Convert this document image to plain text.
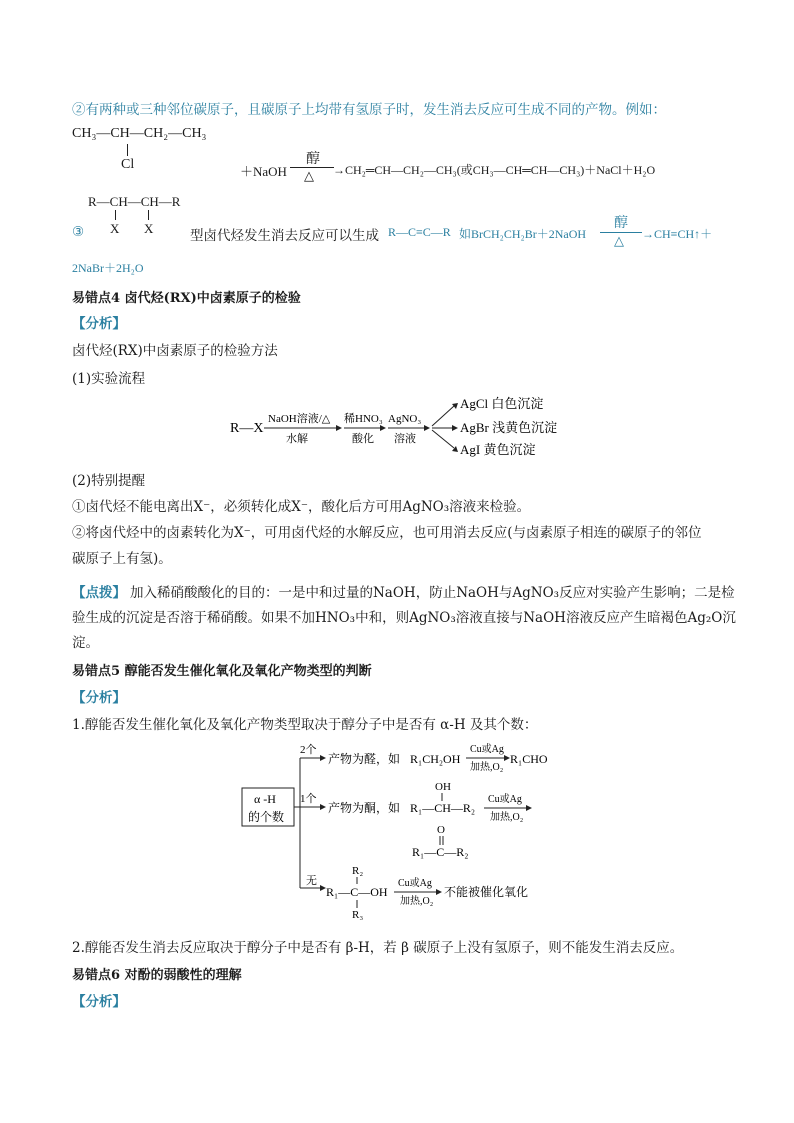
②有两种或三种邻位碳原子，且碳原子上均带有氢原子时，发生消去反应可生成不同的产物。例如：
CH₃—CH—CH₂—CH₃
Cl	＋NaOH
醇
△ →CH₂═CH—CH₂—CH₃(或CH₃—CH═CH—CH₃)＋NaCl＋H₂O
R—CH—CH—R
③ X X	型卤代烃发生消去反应可以生成 R—C≡C—R 如BrCH₂CH₂Br＋2NaOH
醇
△ →CH≡CH↑＋
2NaBr＋2H₂O
易错点4 卤代烃(RX)中卤素原子的检验
【分析】
卤代烃(RX)中卤素原子的检验方法
(1)实验流程
R—X
NaOH溶液/△
水解
稀HNO₃
酸化
AgNO₃
溶液
AgCl 白色沉淀
AgBr 浅黄色沉淀
AgI 黄色沉淀
(2)特别提醒
①卤代烃不能电离出X⁻，必须转化成X⁻，酸化后方可用AgNO₃溶液来检验。
②将卤代烃中的卤素转化为X⁻，可用卤代烃的水解反应，也可用消去反应(与卤素原子相连的碳原子的邻位
碳原子上有氢)。
【点拨】 加入稀硝酸酸化的目的：一是中和过量的NaOH，防止NaOH与AgNO₃反应对实验产生影响；二是检
验生成的沉淀是否溶于稀硝酸。如果不加HNO₃中和，则AgNO₃溶液直接与NaOH溶液反应产生暗褐色Ag₂O沉
淀。
易错点5 醇能否发生催化氧化及氧化产物类型的判断
【分析】
1.醇能否发生催化氧化及氧化产物类型取决于醇分子中是否有 α-H 及其个数：
α -H
的个数
2个
产物为醛，如 R₁CH₂OH
Cu或Ag
加热,O₂
R₁CHO
1个
产物为酮，如
OH
R₁—CH—R₂
Cu或Ag
加热,O₂
O
R₁—C—R₂
无
R₂
R₁—C—OH
R₃
Cu或Ag
加热,O₂
不能被催化氧化
2.醇能否发生消去反应取决于醇分子中是否有 β-H，若 β 碳原子上没有氢原子，则不能发生消去反应。
易错点6 对酚的弱酸性的理解
【分析】
